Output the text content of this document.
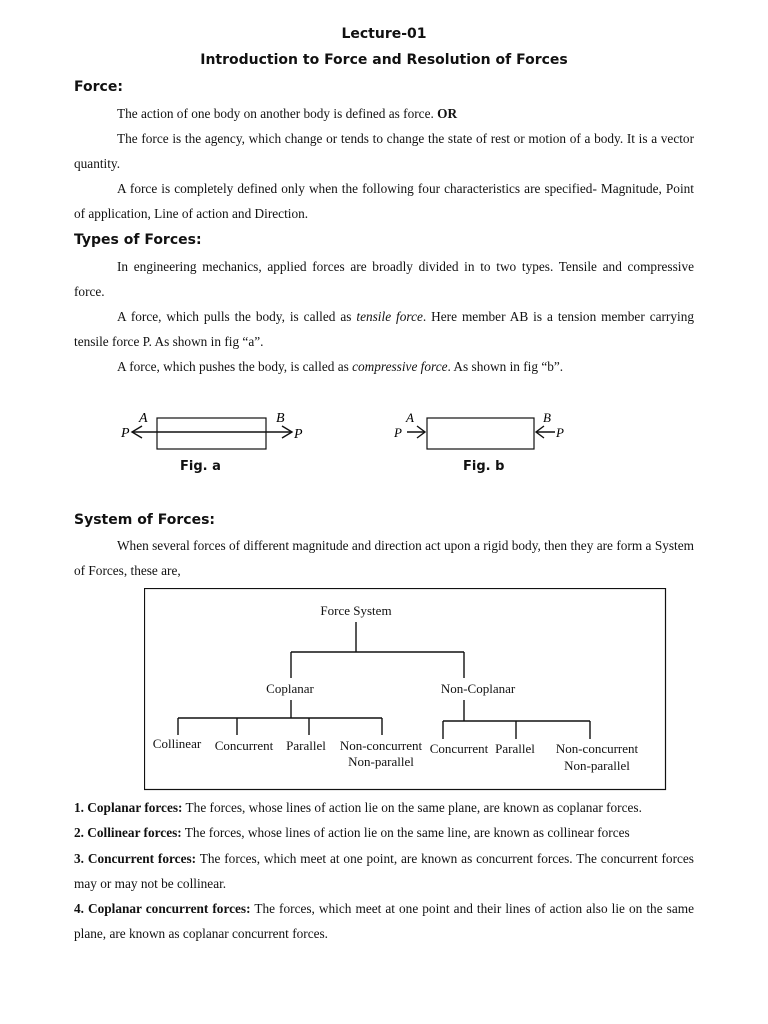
Lecture-01
Introduction to Force and Resolution of Forces
Force:
The action of one body on another body is defined as force. OR
The force is the agency, which change or tends to change the state of rest or motion of a body. It is a vector quantity.
A force is completely defined only when the following four characteristics are specified- Magnitude, Point of application, Line of action and Direction.
Types of Forces:
In engineering mechanics, applied forces are broadly divided in to two types. Tensile and compressive force.
A force, which pulls the body, is called as tensile force. Here member AB is a tension member carrying tensile force P. As shown in fig “a”.
A force, which pushes the body, is called as compressive force. As shown in fig “b”.
A	B
P	P
Fig. a
A	B
P	P
Fig. b
System of Forces:
When several forces of different magnitude and direction act upon a rigid body, then they are form a System of Forces, these are,
Force System
Coplanar	Non-Coplanar
Collinear Concurrent Parallel Non-concurrent
Non-parallel
Concurrent Parallel Non-concurrent
Non-parallel
1. Coplanar forces: The forces, whose lines of action lie on the same plane, are known as coplanar forces.
2. Collinear forces: The forces, whose lines of action lie on the same line, are known as collinear forces
3. Concurrent forces: The forces, which meet at one point, are known as concurrent forces. The concurrent forces may or may not be collinear.
4. Coplanar concurrent forces: The forces, which meet at one point and their lines of action also lie on the same plane, are known as coplanar concurrent forces.
